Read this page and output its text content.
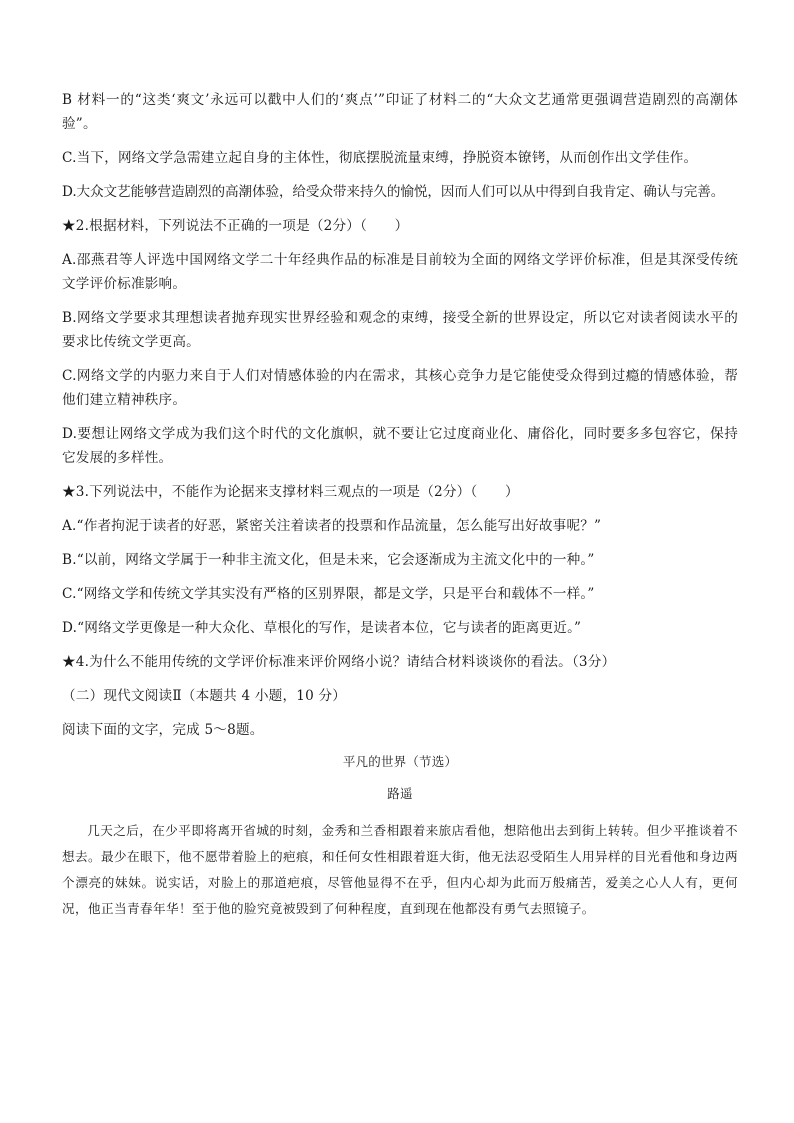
B 材料一的“这类‘爽文’永远可以戳中人们的‘爽点’”印证了材料二的“大众文艺通常更强调营造剧烈的高潮体验”。

C.当下，网络文学急需建立起自身的主体性，彻底摆脱流量束缚，挣脱资本镣铐，从而创作出文学佳作。

D.大众文艺能够营造剧烈的高潮体验，给受众带来持久的愉悦，因而人们可以从中得到自我肯定、确认与完善。

★2.根据材料，下列说法不正确的一项是（2分）（　　）

A.邵燕君等人评选中国网络文学二十年经典作品的标准是目前较为全面的网络文学评价标准，但是其深受传统文学评价标准影响。

B.网络文学要求其理想读者抛弃现实世界经验和观念的束缚，接受全新的世界设定，所以它对读者阅读水平的要求比传统文学更高。

C.网络文学的内驱力来自于人们对情感体验的内在需求，其核心竞争力是它能使受众得到过瘾的情感体验，帮他们建立精神秩序。

D.要想让网络文学成为我们这个时代的文化旗帜，就不要让它过度商业化、庸俗化，同时要多多包容它，保持它发展的多样性。

★3.下列说法中，不能作为论据来支撑材料三观点的一项是（2分）（　　）

A.“作者拘泥于读者的好恶，紧密关注着读者的投票和作品流量，怎么能写出好故事呢？”

B.“以前，网络文学属于一种非主流文化，但是未来，它会逐渐成为主流文化中的一种。”

C.“网络文学和传统文学其实没有严格的区别界限，都是文学，只是平台和载体不一样。”

D.“网络文学更像是一种大众化、草根化的写作，是读者本位，它与读者的距离更近。”

★4.为什么不能用传统的文学评价标准来评价网络小说？请结合材料谈谈你的看法。（3分）

（二）现代文阅读Ⅱ（本题共 4 小题，10 分）

阅读下面的文字，完成 5～8题。

平凡的世界（节选）
路遥

几天之后，在少平即将离开省城的时刻，金秀和兰香相跟着来旅店看他，想陪他出去到街上转转。但少平推谈着不想去。最少在眼下，他不愿带着脸上的疤痕，和任何女性相跟着逛大街，他无法忍受陌生人用异样的目光看他和身边两个漂亮的妹妹。说实话，对脸上的那道疤痕，尽管他显得不在乎，但内心却为此而万般痛苦，爱美之心人人有，更何况，他正当青春年华！至于他的脸究竟被毁到了何种程度，直到现在他都没有勇气去照镜子。
